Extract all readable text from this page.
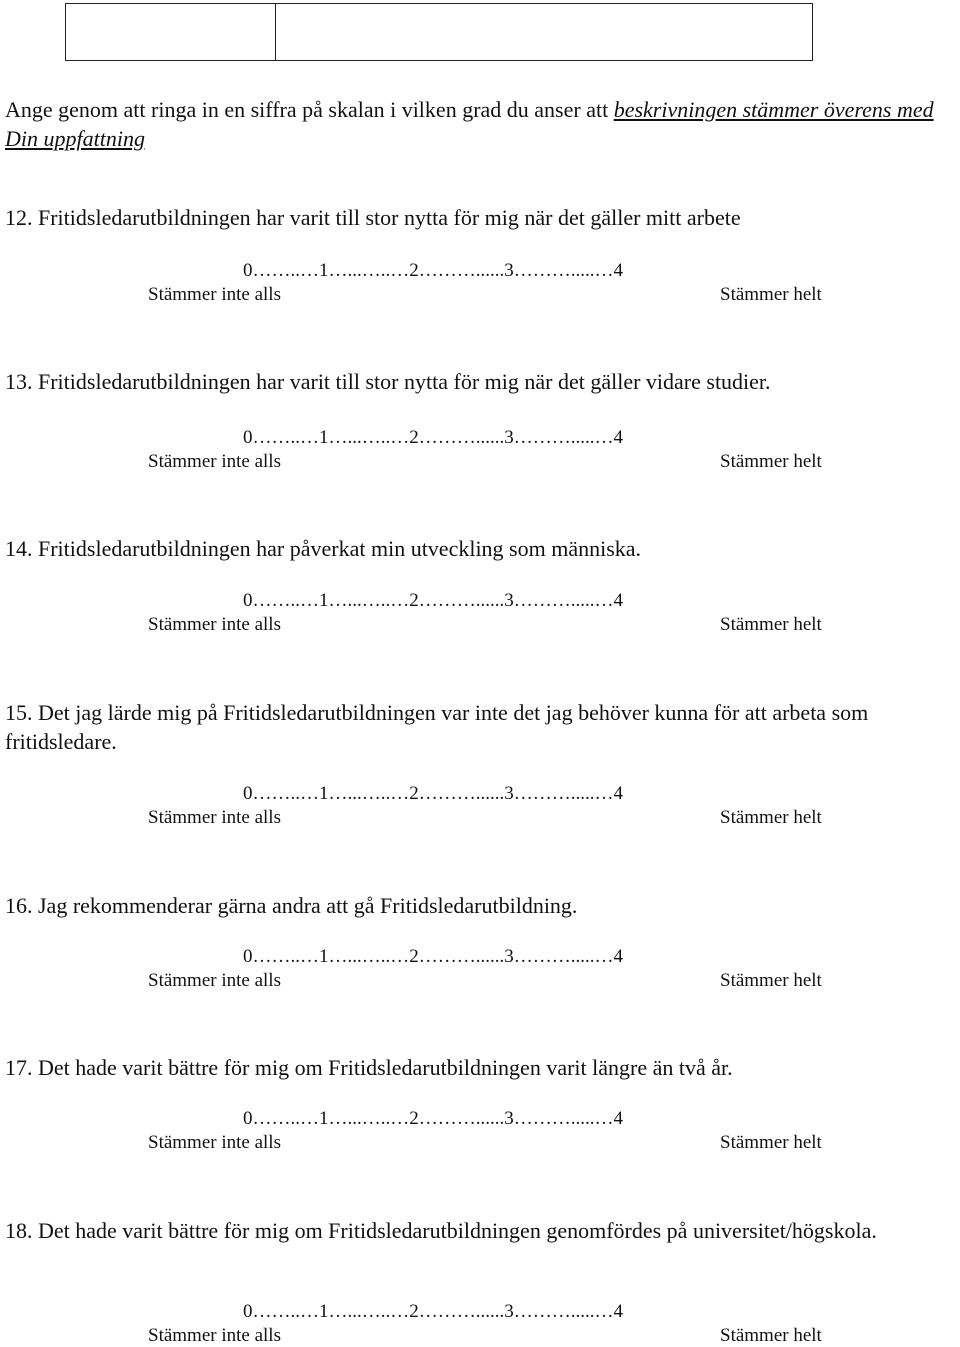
Ange genom att ringa in en siffra på skalan i vilken grad du anser att beskrivningen stämmer överens med Din uppfattning
12. Fritidsledarutbildningen har varit till stor nytta för mig när det gäller mitt arbete
0……..…1…...…..…2………......3……….....…4
Stämmer inte alls	Stämmer helt
13. Fritidsledarutbildningen har varit till stor nytta för mig när det gäller vidare studier.
0……..…1…...…..…2………......3……….....…4
Stämmer inte alls	Stämmer helt
14. Fritidsledarutbildningen har påverkat min utveckling som människa.
0……..…1…...…..…2………......3……….....…4
Stämmer inte alls	Stämmer helt
15. Det jag lärde mig på Fritidsledarutbildningen var inte det jag behöver kunna för att arbeta som fritidsledare.
0……..…1…...…..…2………......3……….....…4
Stämmer inte alls	Stämmer helt
16. Jag rekommenderar gärna andra att gå Fritidsledarutbildning.
0……..…1…...…..…2………......3……….....…4
Stämmer inte alls	Stämmer helt
17. Det hade varit bättre för mig om Fritidsledarutbildningen varit längre än två år.
0……..…1…...…..…2………......3……….....…4
Stämmer inte alls	Stämmer helt
18. Det hade varit bättre för mig om Fritidsledarutbildningen genomfördes på universitet/högskola.
0……..…1…...…..…2………......3……….....…4
Stämmer inte alls	Stämmer helt
